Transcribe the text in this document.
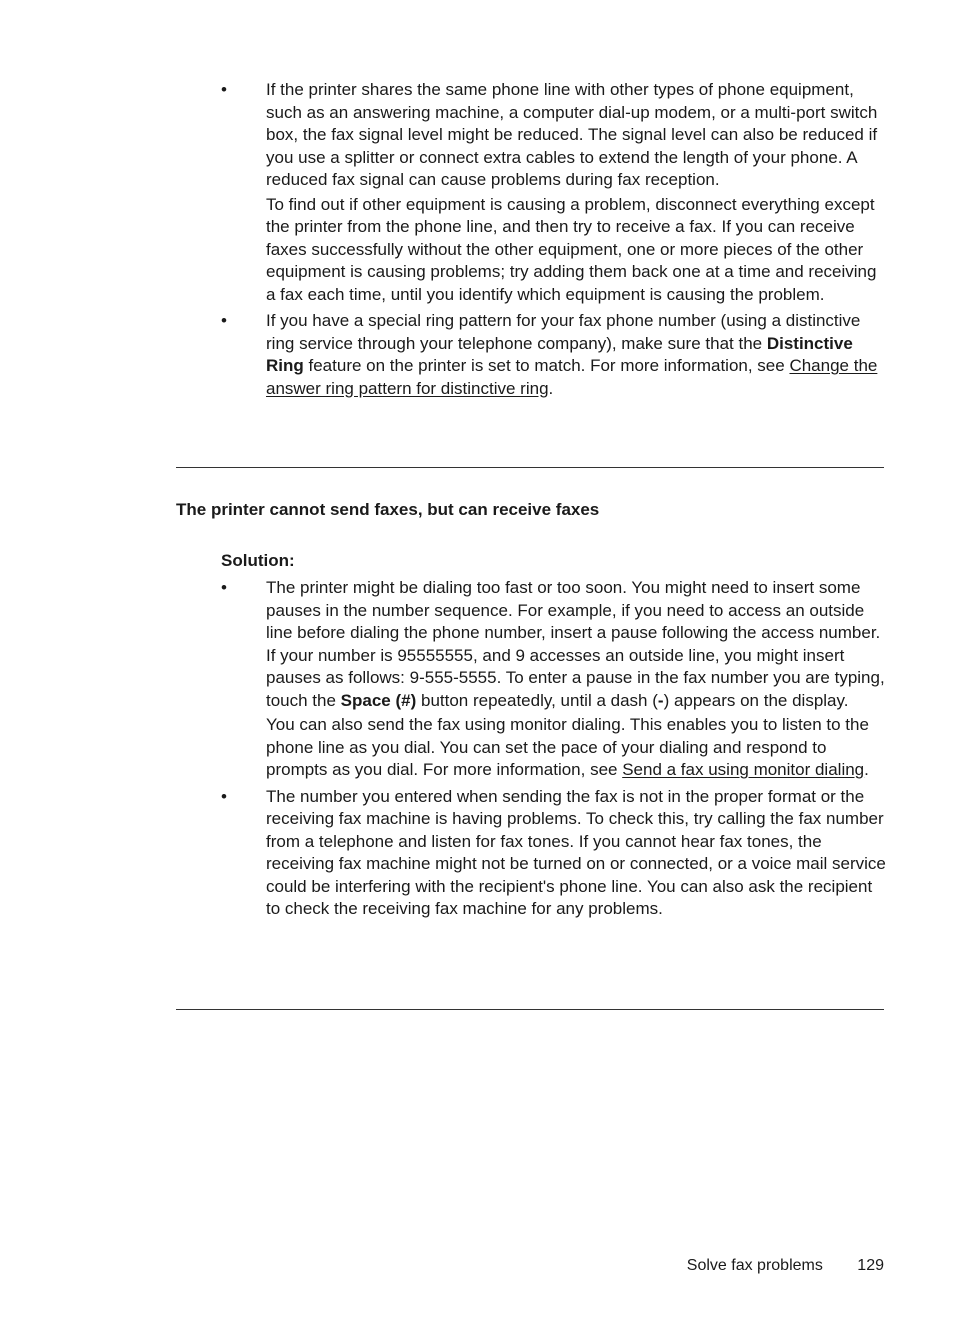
• If the printer shares the same phone line with other types of phone equipment, such as an answering machine, a computer dial-up modem, or a multi-port switch box, the fax signal level might be reduced. The signal level can also be reduced if you use a splitter or connect extra cables to extend the length of your phone. A reduced fax signal can cause problems during fax reception.

To find out if other equipment is causing a problem, disconnect everything except the printer from the phone line, and then try to receive a fax. If you can receive faxes successfully without the other equipment, one or more pieces of the other equipment is causing problems; try adding them back one at a time and receiving a fax each time, until you identify which equipment is causing the problem.

• If you have a special ring pattern for your fax phone number (using a distinctive ring service through your telephone company), make sure that the Distinctive Ring feature on the printer is set to match. For more information, see Change the answer ring pattern for distinctive ring.

The printer cannot send faxes, but can receive faxes

Solution:

• The printer might be dialing too fast or too soon. You might need to insert some pauses in the number sequence. For example, if you need to access an outside line before dialing the phone number, insert a pause following the access number. If your number is 95555555, and 9 accesses an outside line, you might insert pauses as follows: 9-555-5555. To enter a pause in the fax number you are typing, touch the Space (#) button repeatedly, until a dash (-) appears on the display.

You can also send the fax using monitor dialing. This enables you to listen to the phone line as you dial. You can set the pace of your dialing and respond to prompts as you dial. For more information, see Send a fax using monitor dialing.

• The number you entered when sending the fax is not in the proper format or the receiving fax machine is having problems. To check this, try calling the fax number from a telephone and listen for fax tones. If you cannot hear fax tones, the receiving fax machine might not be turned on or connected, or a voice mail service could be interfering with the recipient's phone line. You can also ask the recipient to check the receiving fax machine for any problems.

Solve fax problems 129
